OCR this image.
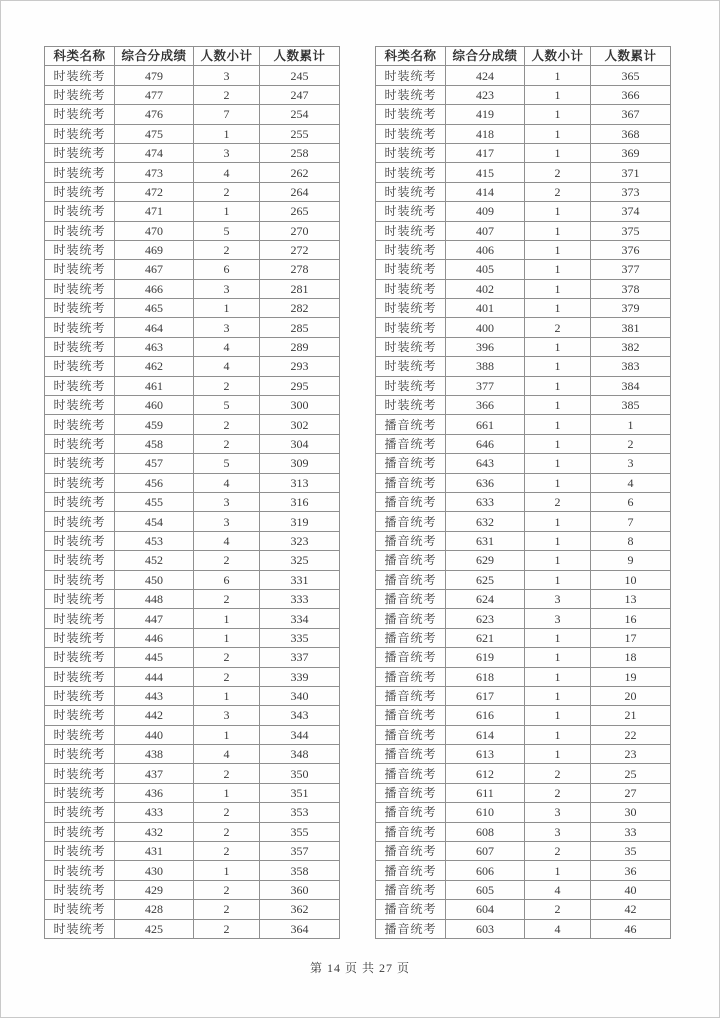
科类名称	综合分成绩	人数小计	人数累计
时装统考	479	3	245
时装统考	477	2	247
时装统考	476	7	254
时装统考	475	1	255
时装统考	474	3	258
时装统考	473	4	262
时装统考	472	2	264
时装统考	471	1	265
时装统考	470	5	270
时装统考	469	2	272
时装统考	467	6	278
时装统考	466	3	281
时装统考	465	1	282
时装统考	464	3	285
时装统考	463	4	289
时装统考	462	4	293
时装统考	461	2	295
时装统考	460	5	300
时装统考	459	2	302
时装统考	458	2	304
时装统考	457	5	309
时装统考	456	4	313
时装统考	455	3	316
时装统考	454	3	319
时装统考	453	4	323
时装统考	452	2	325
时装统考	450	6	331
时装统考	448	2	333
时装统考	447	1	334
时装统考	446	1	335
时装统考	445	2	337
时装统考	444	2	339
时装统考	443	1	340
时装统考	442	3	343
时装统考	440	1	344
时装统考	438	4	348
时装统考	437	2	350
时装统考	436	1	351
时装统考	433	2	353
时装统考	432	2	355
时装统考	431	2	357
时装统考	430	1	358
时装统考	429	2	360
时装统考	428	2	362
时装统考	425	2	364
科类名称	综合分成绩	人数小计	人数累计
时装统考	424	1	365
时装统考	423	1	366
时装统考	419	1	367
时装统考	418	1	368
时装统考	417	1	369
时装统考	415	2	371
时装统考	414	2	373
时装统考	409	1	374
时装统考	407	1	375
时装统考	406	1	376
时装统考	405	1	377
时装统考	402	1	378
时装统考	401	1	379
时装统考	400	2	381
时装统考	396	1	382
时装统考	388	1	383
时装统考	377	1	384
时装统考	366	1	385
播音统考	661	1	1
播音统考	646	1	2
播音统考	643	1	3
播音统考	636	1	4
播音统考	633	2	6
播音统考	632	1	7
播音统考	631	1	8
播音统考	629	1	9
播音统考	625	1	10
播音统考	624	3	13
播音统考	623	3	16
播音统考	621	1	17
播音统考	619	1	18
播音统考	618	1	19
播音统考	617	1	20
播音统考	616	1	21
播音统考	614	1	22
播音统考	613	1	23
播音统考	612	2	25
播音统考	611	2	27
播音统考	610	3	30
播音统考	608	3	33
播音统考	607	2	35
播音统考	606	1	36
播音统考	605	4	40
播音统考	604	2	42
播音统考	603	4	46
第 14 页 共 27 页
